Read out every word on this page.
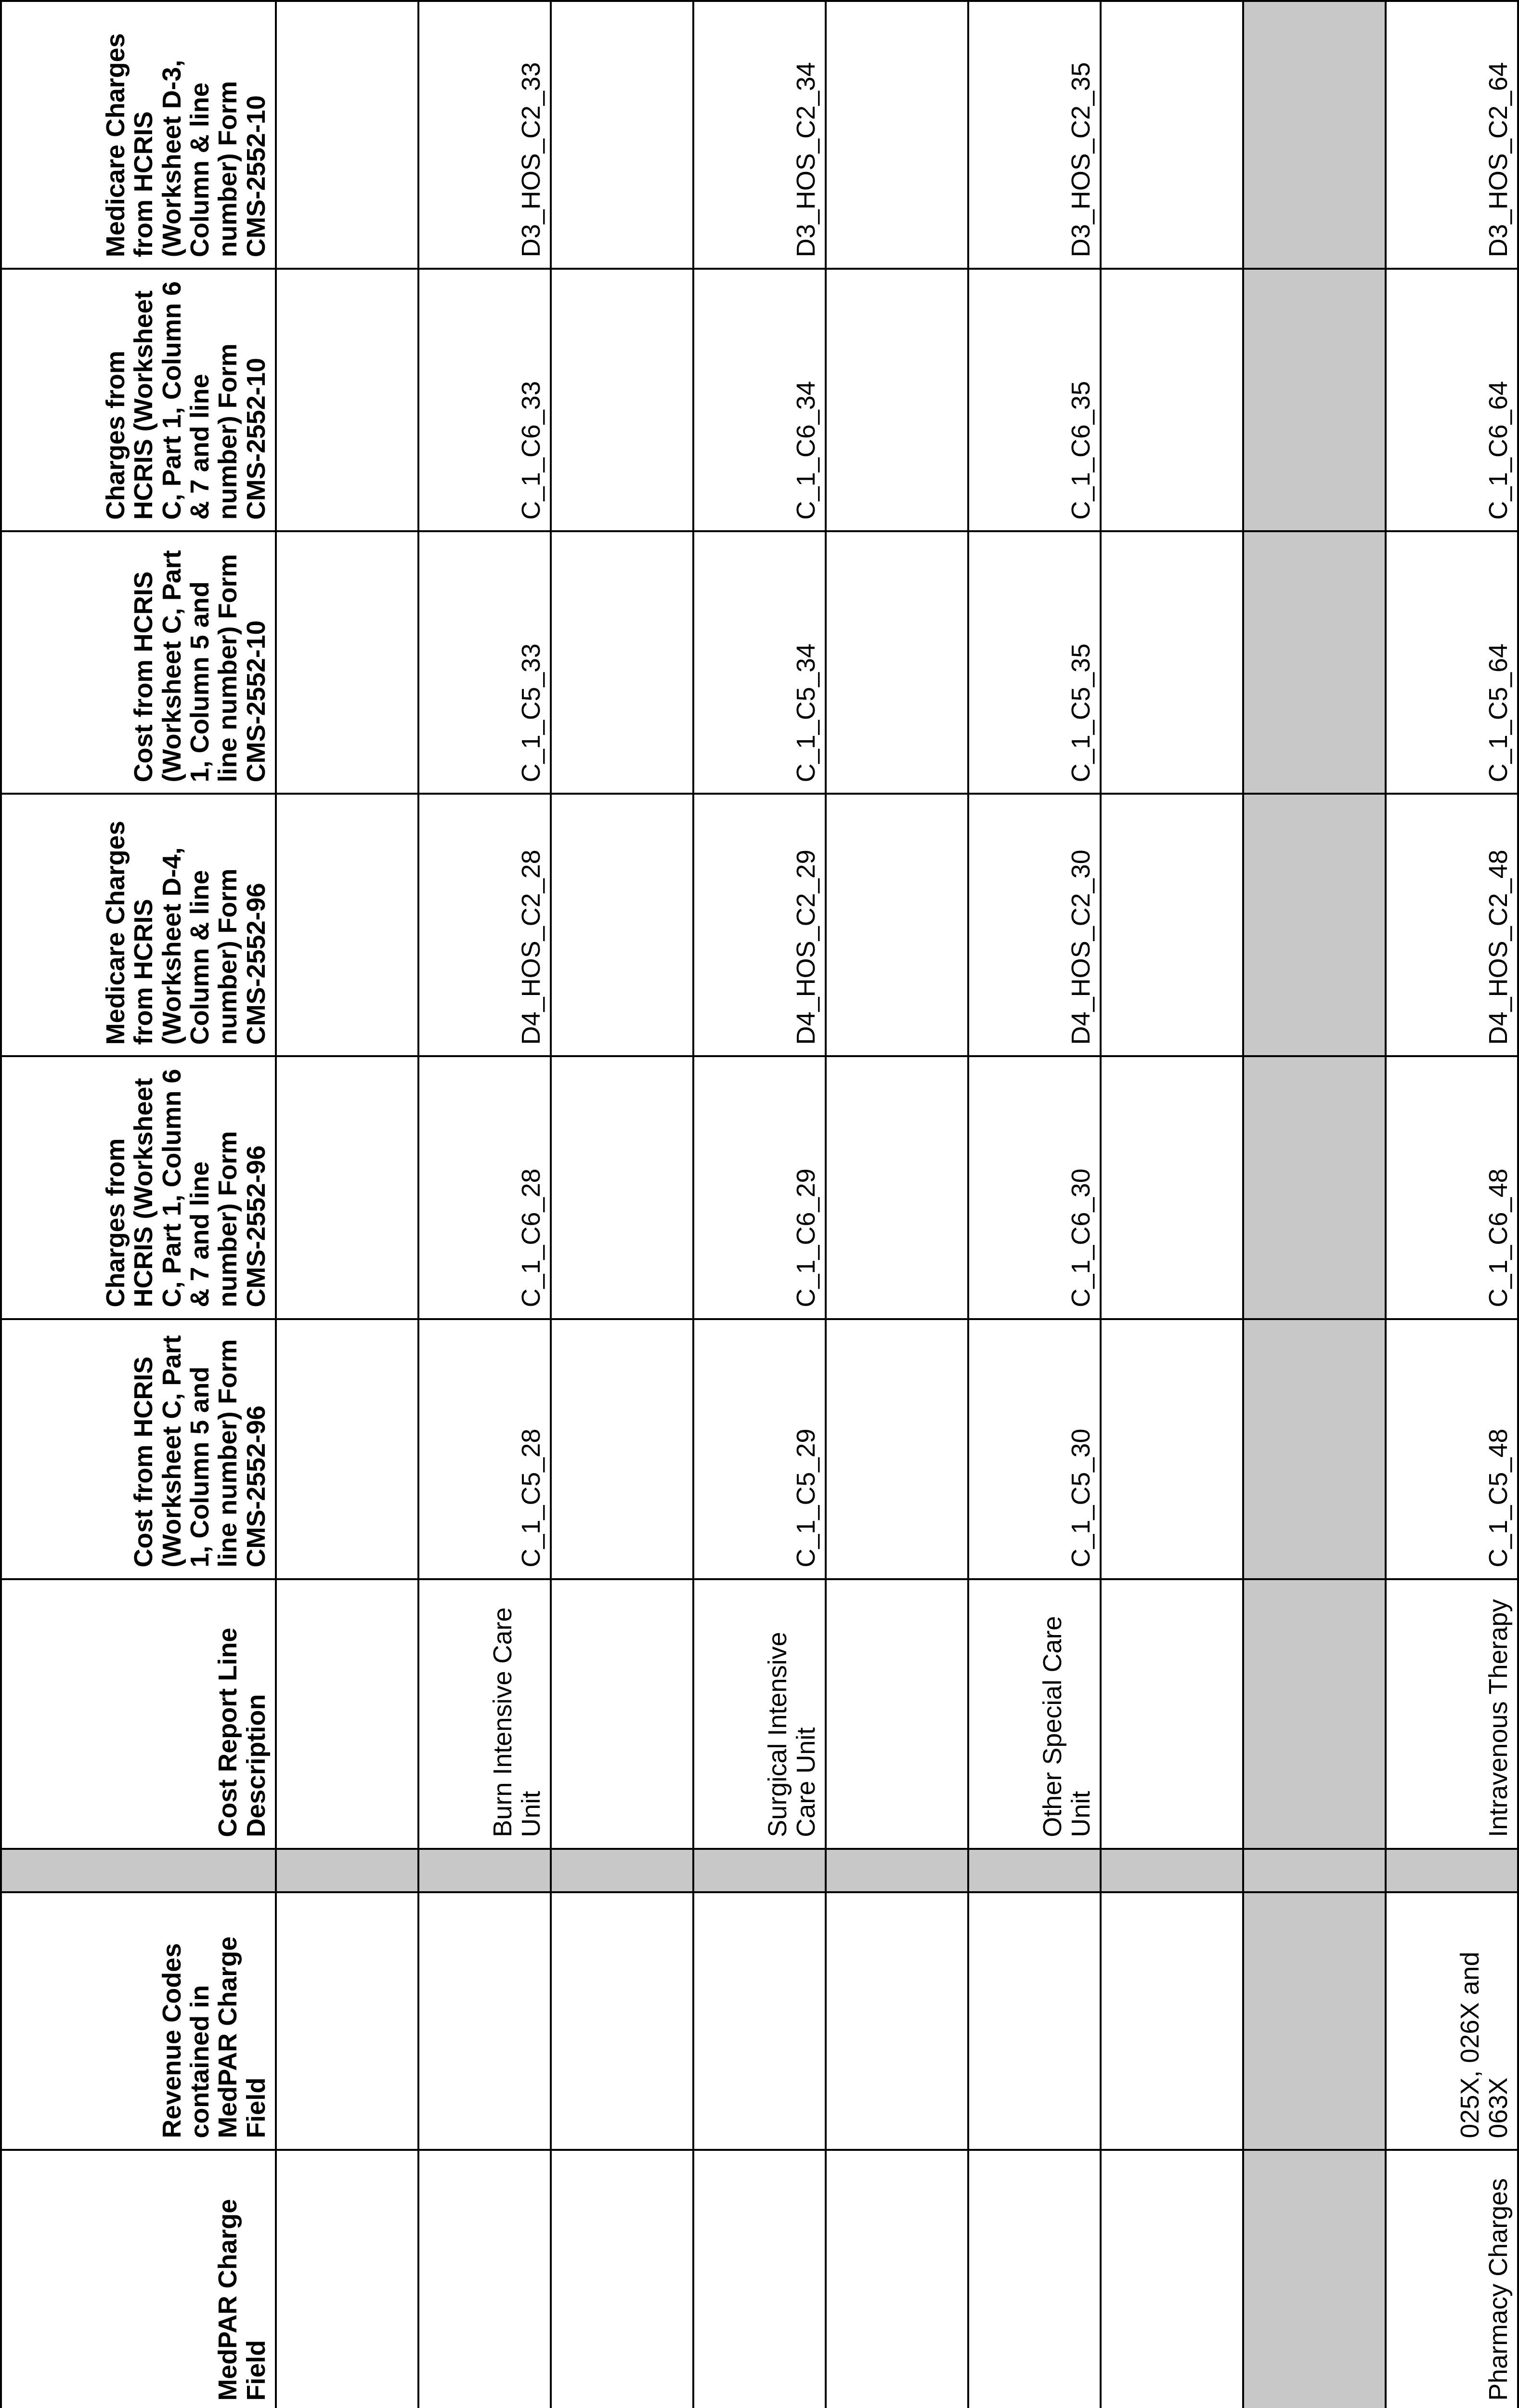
	MedPAR Charge Field	Revenue Codes contained in MedPAR Charge Field		Cost Report Line Description	Cost from HCRIS (Worksheet C, Part 1, Column 5 and line number) Form CMS-2552-96	Charges from HCRIS (Worksheet C, Part 1, Column 6 & 7 and line number) Form CMS-2552-96	Medicare Charges from HCRIS (Worksheet D-4, Column & line number) Form CMS-2552-96	Cost from HCRIS (Worksheet C, Part 1, Column 5 and line number) Form CMS-2552-10	Charges from HCRIS (Worksheet C, Part 1, Column 6 & 7 and line number) Form CMS-2552-10	Medicare Charges from HCRIS (Worksheet D-3, Column & line number) Form CMS-2552-10

				Burn Intensive Care Unit	C_1_C5_28	C_1_C6_28	D4_HOS_C2_28	C_1_C5_33	C_1_C6_33	D3_HOS_C2_33

				Surgical Intensive Care Unit	C_1_C5_29	C_1_C6_29	D4_HOS_C2_29	C_1_C5_34	C_1_C6_34	D3_HOS_C2_34

				Other Special Care Unit	C_1_C5_30	C_1_C6_30	D4_HOS_C2_30	C_1_C5_35	C_1_C6_35	D3_HOS_C2_35

	Pharmacy Charges	025X, 026X and 063X		Intravenous Therapy	C_1_C5_48	C_1_C6_48	D4_HOS_C2_48	C_1_C5_64	C_1_C6_64	D3_HOS_C2_64
